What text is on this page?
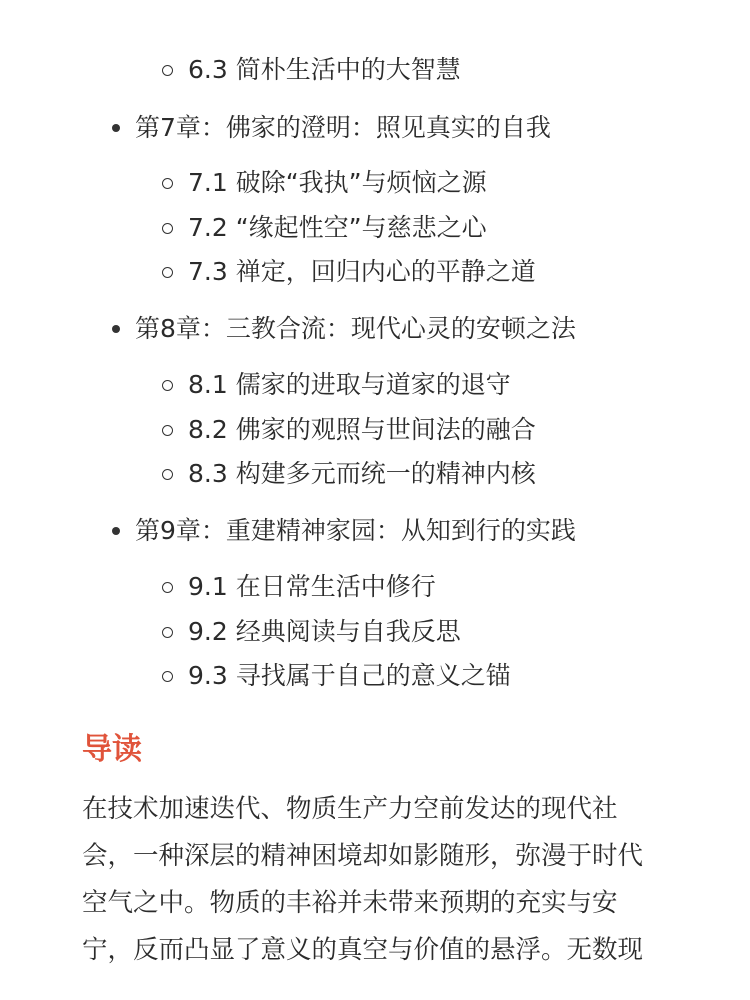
6.3 简朴生活中的大智慧
第7章：佛家的澄明：照见真实的自我
7.1 破除“我执”与烦恼之源
7.2 “缘起性空”与慈悲之心
7.3 禅定，回归内心的平静之道
第8章：三教合流：现代心灵的安顿之法
8.1 儒家的进取与道家的退守
8.2 佛家的观照与世间法的融合
8.3 构建多元而统一的精神内核
第9章：重建精神家园：从知到行的实践
9.1 在日常生活中修行
9.2 经典阅读与自我反思
9.3 寻找属于自己的意义之锚
导读
在技术加速迭代、物质生产力空前发达的现代社
会，一种深层的精神困境却如影随形，弥漫于时代
空气之中。物质的丰裕并未带来预期的充实与安
宁，反而凸显了意义的真空与价值的悬浮。无数现
